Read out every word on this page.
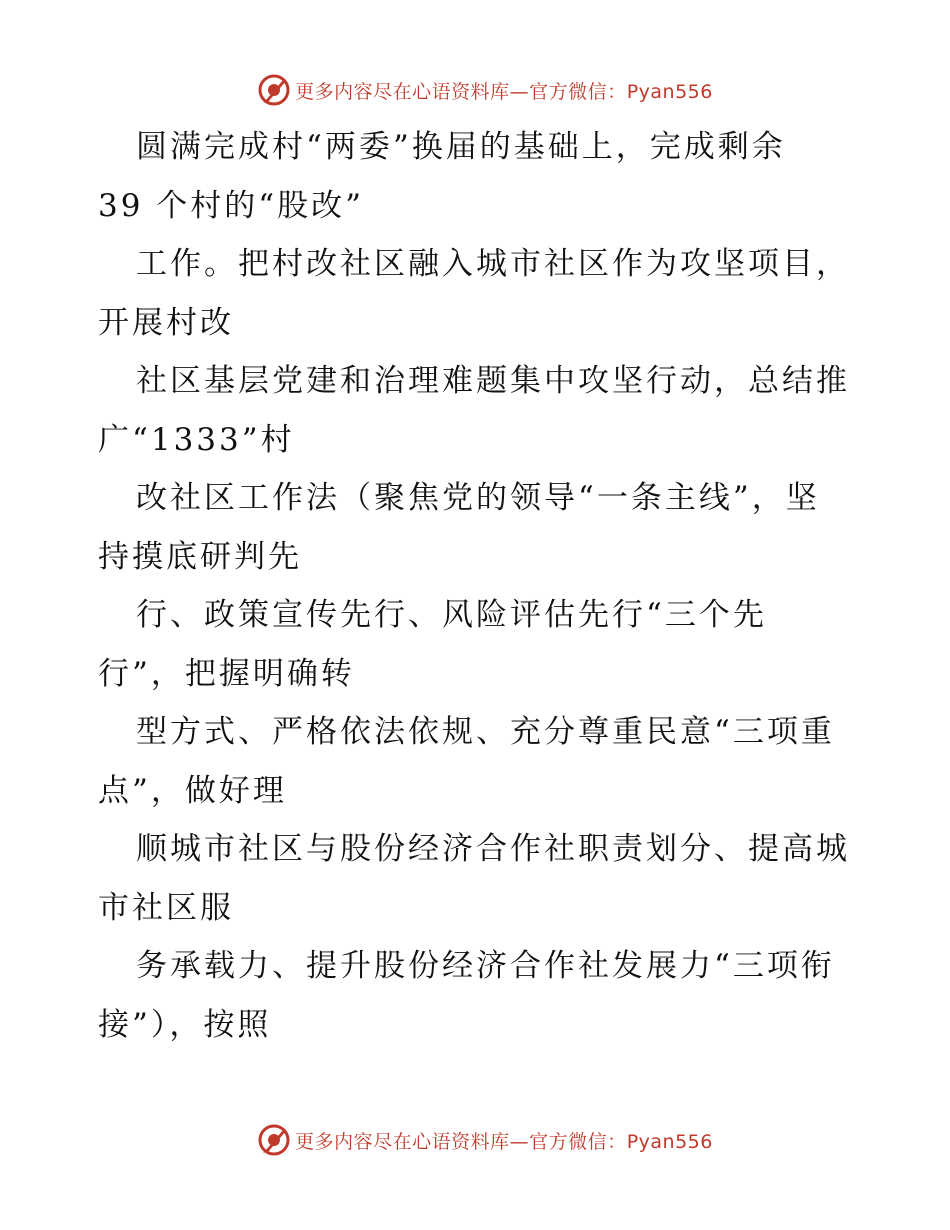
更多内容尽在心语资料库—官方微信：Pyan556
圆满完成村“两委”换届的基础上，完成剩余
39 个村的“股改”
工作。把村改社区融入城市社区作为攻坚项目，
开展村改
社区基层党建和治理难题集中攻坚行动，总结推
广“1333”村
改社区工作法（聚焦党的领导“一条主线”，坚
持摸底研判先
行、政策宣传先行、风险评估先行“三个先
行”，把握明确转
型方式、严格依法依规、充分尊重民意“三项重
点”，做好理
顺城市社区与股份经济合作社职责划分、提高城
市社区服
务承载力、提升股份经济合作社发展力“三项衔
接”），按照
更多内容尽在心语资料库—官方微信：Pyan556
